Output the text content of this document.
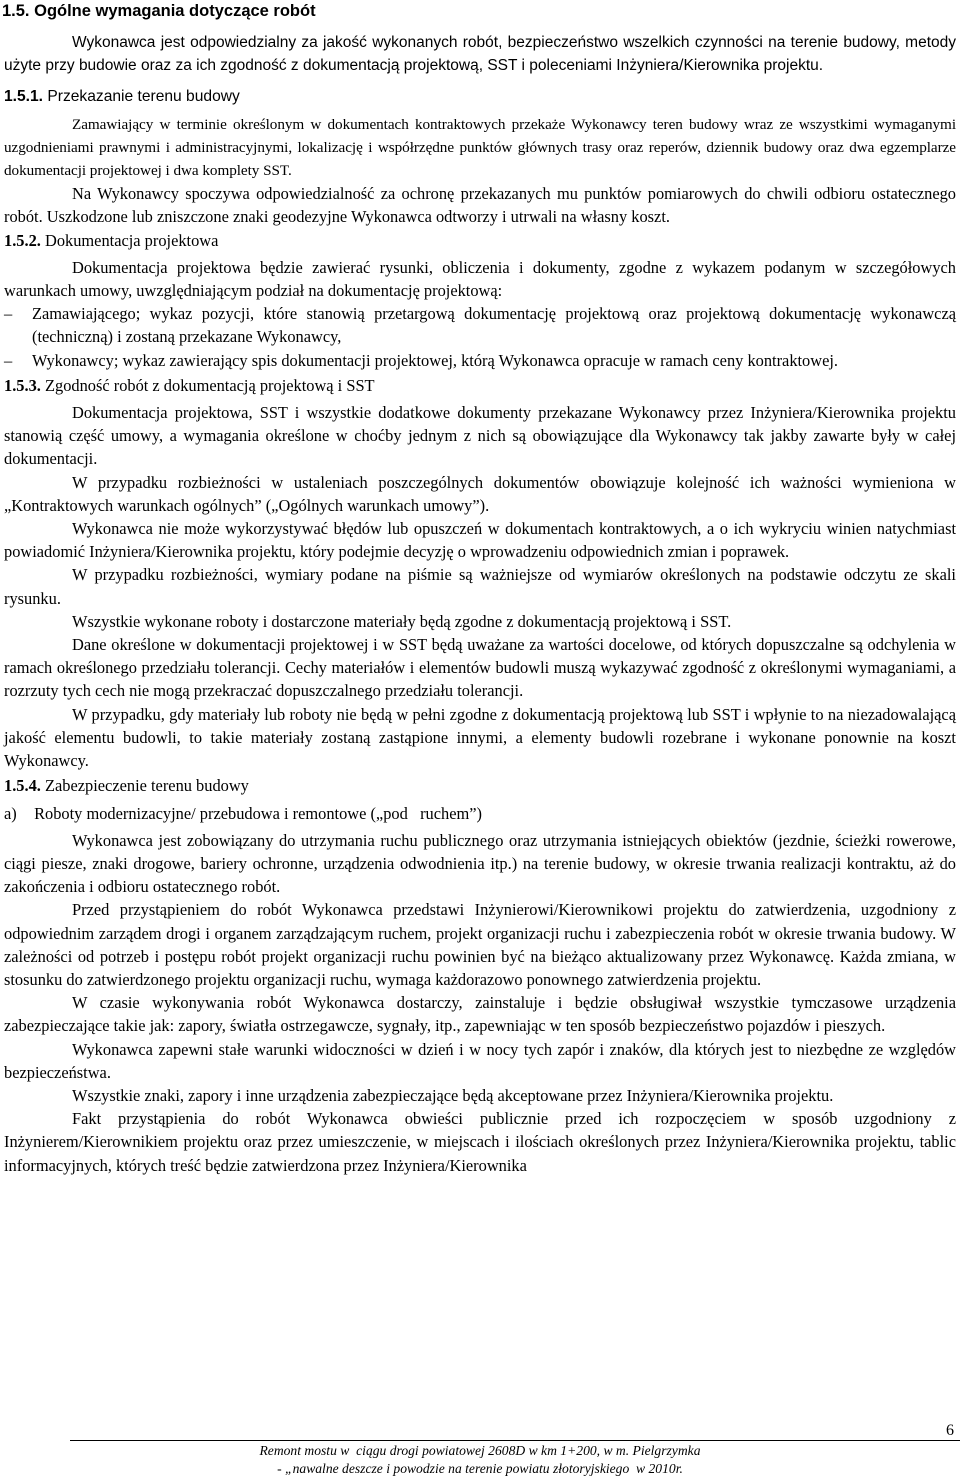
1.5. Ogólne wymagania dotyczące robót

Wykonawca jest odpowiedzialny za jakość wykonanych robót, bezpieczeństwo wszelkich czynności na terenie budowy, metody użyte przy budowie oraz za ich zgodność z dokumentacją projektową, SST i poleceniami Inżyniera/Kierownika projektu.

1.5.1. Przekazanie terenu budowy

Zamawiający w terminie określonym w dokumentach kontraktowych przekaże Wykonawcy teren budowy wraz ze wszystkimi wymaganymi uzgodnieniami prawnymi i administracyjnymi, lokalizację i współrzędne punktów głównych trasy oraz reperów, dziennik budowy oraz dwa egzemplarze dokumentacji projektowej i dwa komplety SST.

Na Wykonawcy spoczywa odpowiedzialność za ochronę przekazanych mu punktów pomiarowych do chwili odbioru ostatecznego robót. Uszkodzone lub zniszczone znaki geodezyjne Wykonawca odtworzy i utrwali na własny koszt.

1.5.2. Dokumentacja projektowa

Dokumentacja projektowa będzie zawierać rysunki, obliczenia i dokumenty, zgodne z wykazem podanym w szczegółowych warunkach umowy, uwzględniającym podział na dokumentację projektową:

–	Zamawiającego; wykaz pozycji, które stanowią przetargową dokumentację projektową oraz projektową dokumentację wykonawczą (techniczną) i zostaną przekazane Wykonawcy,
–	Wykonawcy; wykaz zawierający spis dokumentacji projektowej, którą Wykonawca opracuje w ramach ceny kontraktowej.
1.5.3. Zgodność robót z dokumentacją projektową i SST

Dokumentacja projektowa, SST i wszystkie dodatkowe dokumenty przekazane Wykonawcy przez Inżyniera/Kierownika projektu stanowią część umowy, a wymagania określone w choćby jednym z nich są obowiązujące dla Wykonawcy tak jakby zawarte były w całej dokumentacji.

W przypadku rozbieżności w ustaleniach poszczególnych dokumentów obowiązuje kolejność ich ważności wymieniona w „Kontraktowych warunkach ogólnych” („Ogólnych warunkach umowy”).

Wykonawca nie może wykorzystywać błędów lub opuszczeń w dokumentach kontraktowych, a o ich wykryciu winien natychmiast powiadomić Inżyniera/Kierownika projektu, który podejmie decyzję o wprowadzeniu odpowiednich zmian i poprawek.

W przypadku rozbieżności, wymiary podane na piśmie są ważniejsze od wymiarów określonych na podstawie odczytu ze skali rysunku.

Wszystkie wykonane roboty i dostarczone materiały będą zgodne z dokumentacją projektową i SST.

Dane określone w dokumentacji projektowej i w SST będą uważane za wartości docelowe, od których dopuszczalne są odchylenia w ramach określonego przedziału tolerancji. Cechy materiałów i elementów budowli muszą wykazywać zgodność z określonymi wymaganiami, a rozrzuty tych cech nie mogą przekraczać dopuszczalnego przedziału tolerancji.

W przypadku, gdy materiały lub roboty nie będą w pełni zgodne z dokumentacją projektową lub SST i wpłynie to na niezadowalającą jakość elementu budowli, to takie materiały zostaną zastąpione innymi, a elementy budowli rozebrane i wykonane ponownie na koszt Wykonawcy.

1.5.4. Zabezpieczenie terenu budowy
a) Roboty modernizacyjne/ przebudowa i remontowe („pod   ruchem”)

Wykonawca jest zobowiązany do utrzymania ruchu publicznego oraz utrzymania istniejących obiektów (jezdnie, ścieżki rowerowe, ciągi piesze, znaki drogowe, bariery ochronne, urządzenia odwodnienia itp.) na terenie budowy, w okresie trwania realizacji kontraktu, aż do zakończenia i odbioru ostatecznego robót.

Przed przystąpieniem do robót Wykonawca przedstawi Inżynierowi/Kierownikowi projektu do zatwierdzenia, uzgodniony z odpowiednim zarządem drogi i organem zarządzającym ruchem, projekt organizacji ruchu i zabezpieczenia robót w okresie trwania budowy. W zależności od potrzeb i postępu robót projekt organizacji ruchu powinien być na bieżąco aktualizowany przez Wykonawcę. Każda zmiana, w stosunku do zatwierdzonego projektu organizacji ruchu, wymaga każdorazowo ponownego zatwierdzenia projektu.

W czasie wykonywania robót Wykonawca dostarczy, zainstaluje i będzie obsługiwał wszystkie tymczasowe urządzenia zabezpieczające takie jak: zapory, światła ostrzegawcze, sygnały, itp., zapewniając w ten sposób bezpieczeństwo pojazdów i pieszych.

Wykonawca zapewni stałe warunki widoczności w dzień i w nocy tych zapór i znaków, dla których jest to niezbędne ze względów bezpieczeństwa.

Wszystkie znaki, zapory i inne urządzenia zabezpieczające będą akceptowane przez Inżyniera/Kierownika projektu.

Fakt przystąpienia do robót Wykonawca obwieści publicznie przed ich rozpoczęciem w sposób uzgodniony z Inżynierem/Kierownikiem projektu oraz przez umieszczenie, w miejscach i ilościach określonych przez Inżyniera/Kierownika projektu, tablic informacyjnych, których treść będzie zatwierdzona przez Inżyniera/Kierownika

6
Remont mostu w  ciągu drogi powiatowej 2608D w km 1+200, w m. Pielgrzymka
- „nawalne deszcze i powodzie na terenie powiatu złotoryjskiego  w 2010r.
